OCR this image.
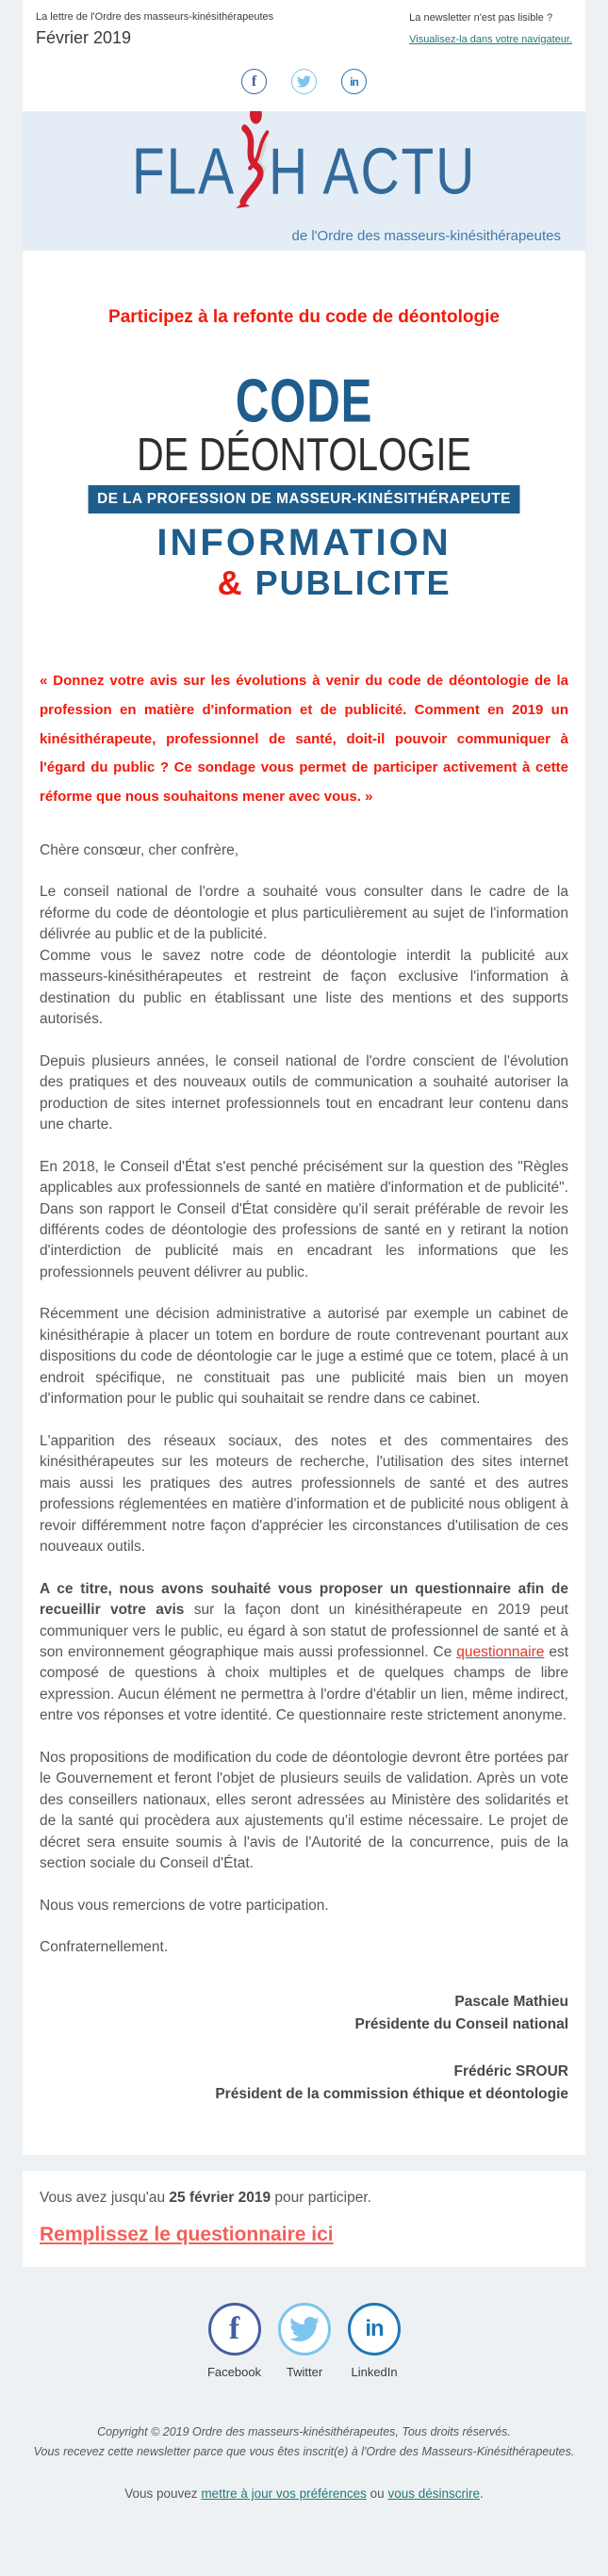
La lettre de l'Ordre des masseurs-kinésithérapeutes
Février 2019
La newsletter n'est pas lisible ?
Visualisez-la dans votre navigateur.
f	in
FLA H ACTU
de l'Ordre des masseurs-kinésithérapeutes
Participez à la refonte du code de déontologie
CODE
DE DÉONTOLOGIE
DE LA PROFESSION DE MASSEUR-KINÉSITHÉRAPEUTE
INFORMATION
& PUBLICITE

« Donnez votre avis sur les évolutions à venir du code de déontologie de la profession en matière d'information et de publicité. Comment en 2019 un kinésithérapeute, professionnel de santé, doit-il pouvoir communiquer à l'égard du public ? Ce sondage vous permet de participer activement à cette réforme que nous souhaitons mener avec vous. »

Chère consœur, cher confrère,

Le conseil national de l'ordre a souhaité vous consulter dans le cadre de la réforme du code de déontologie et plus particulièrement au sujet de l'information délivrée au public et de la publicité.

Comme vous le savez notre code de déontologie interdit la publicité aux masseurs-kinésithérapeutes et restreint de façon exclusive l'information à destination du public en établissant une liste des mentions et des supports autorisés.

Depuis plusieurs années, le conseil national de l'ordre conscient de l'évolution des pratiques et des nouveaux outils de communication a souhaité autoriser la production de sites internet professionnels tout en encadrant leur contenu dans une charte.

En 2018, le Conseil d'État s'est penché précisément sur la question des "Règles applicables aux professionnels de santé en matière d'information et de publicité". Dans son rapport le Conseil d'État considère qu'il serait préférable de revoir les différents codes de déontologie des professions de santé en y retirant la notion d'interdiction de publicité mais en encadrant les informations que les professionnels peuvent délivrer au public.

Récemment une décision administrative a autorisé par exemple un cabinet de kinésithérapie à placer un totem en bordure de route contrevenant pourtant aux dispositions du code de déontologie car le juge a estimé que ce totem, placé à un endroit spécifique, ne constituait pas une publicité mais bien un moyen d'information pour le public qui souhaitait se rendre dans ce cabinet.

L'apparition des réseaux sociaux, des notes et des commentaires des kinésithérapeutes sur les moteurs de recherche, l'utilisation des sites internet mais aussi les pratiques des autres professionnels de santé et des autres professions réglementées en matière d'information et de publicité nous obligent à revoir différemment notre façon d'apprécier les circonstances d'utilisation de ces nouveaux outils.

A ce titre, nous avons souhaité vous proposer un questionnaire afin de recueillir votre avis sur la façon dont un kinésithérapeute en 2019 peut communiquer vers le public, eu égard à son statut de professionnel de santé et à son environnement géographique mais aussi professionnel. Ce questionnaire est composé de questions à choix multiples et de quelques champs de libre expression. Aucun élément ne permettra à l'ordre d'établir un lien, même indirect, entre vos réponses et votre identité. Ce questionnaire reste strictement anonyme.

Nos propositions de modification du code de déontologie devront être portées par le Gouvernement et feront l'objet de plusieurs seuils de validation. Après un vote des conseillers nationaux, elles seront adressées au Ministère des solidarités et de la santé qui procèdera aux ajustements qu'il estime nécessaire. Le projet de décret sera ensuite soumis à l'avis de l'Autorité de la concurrence, puis de la section sociale du Conseil d'État.

Nous vous remercions de votre participation.

Confraternellement.

Pascale Mathieu
Présidente du Conseil national
Frédéric SROUR
Président de la commission éthique et déontologie

Vous avez jusqu'au 25 février 2019 pour participer.

Remplissez le questionnaire ici
f
Facebook Twitter
in
LinkedIn
Copyright © 2019 Ordre des masseurs-kinésithérapeutes, Tous droits réservés.
Vous recevez cette newsletter parce que vous êtes inscrit(e) à l'Ordre des Masseurs-Kinésithérapeutes.
Vous pouvez mettre à jour vos préférences ou vous désinscrire.
